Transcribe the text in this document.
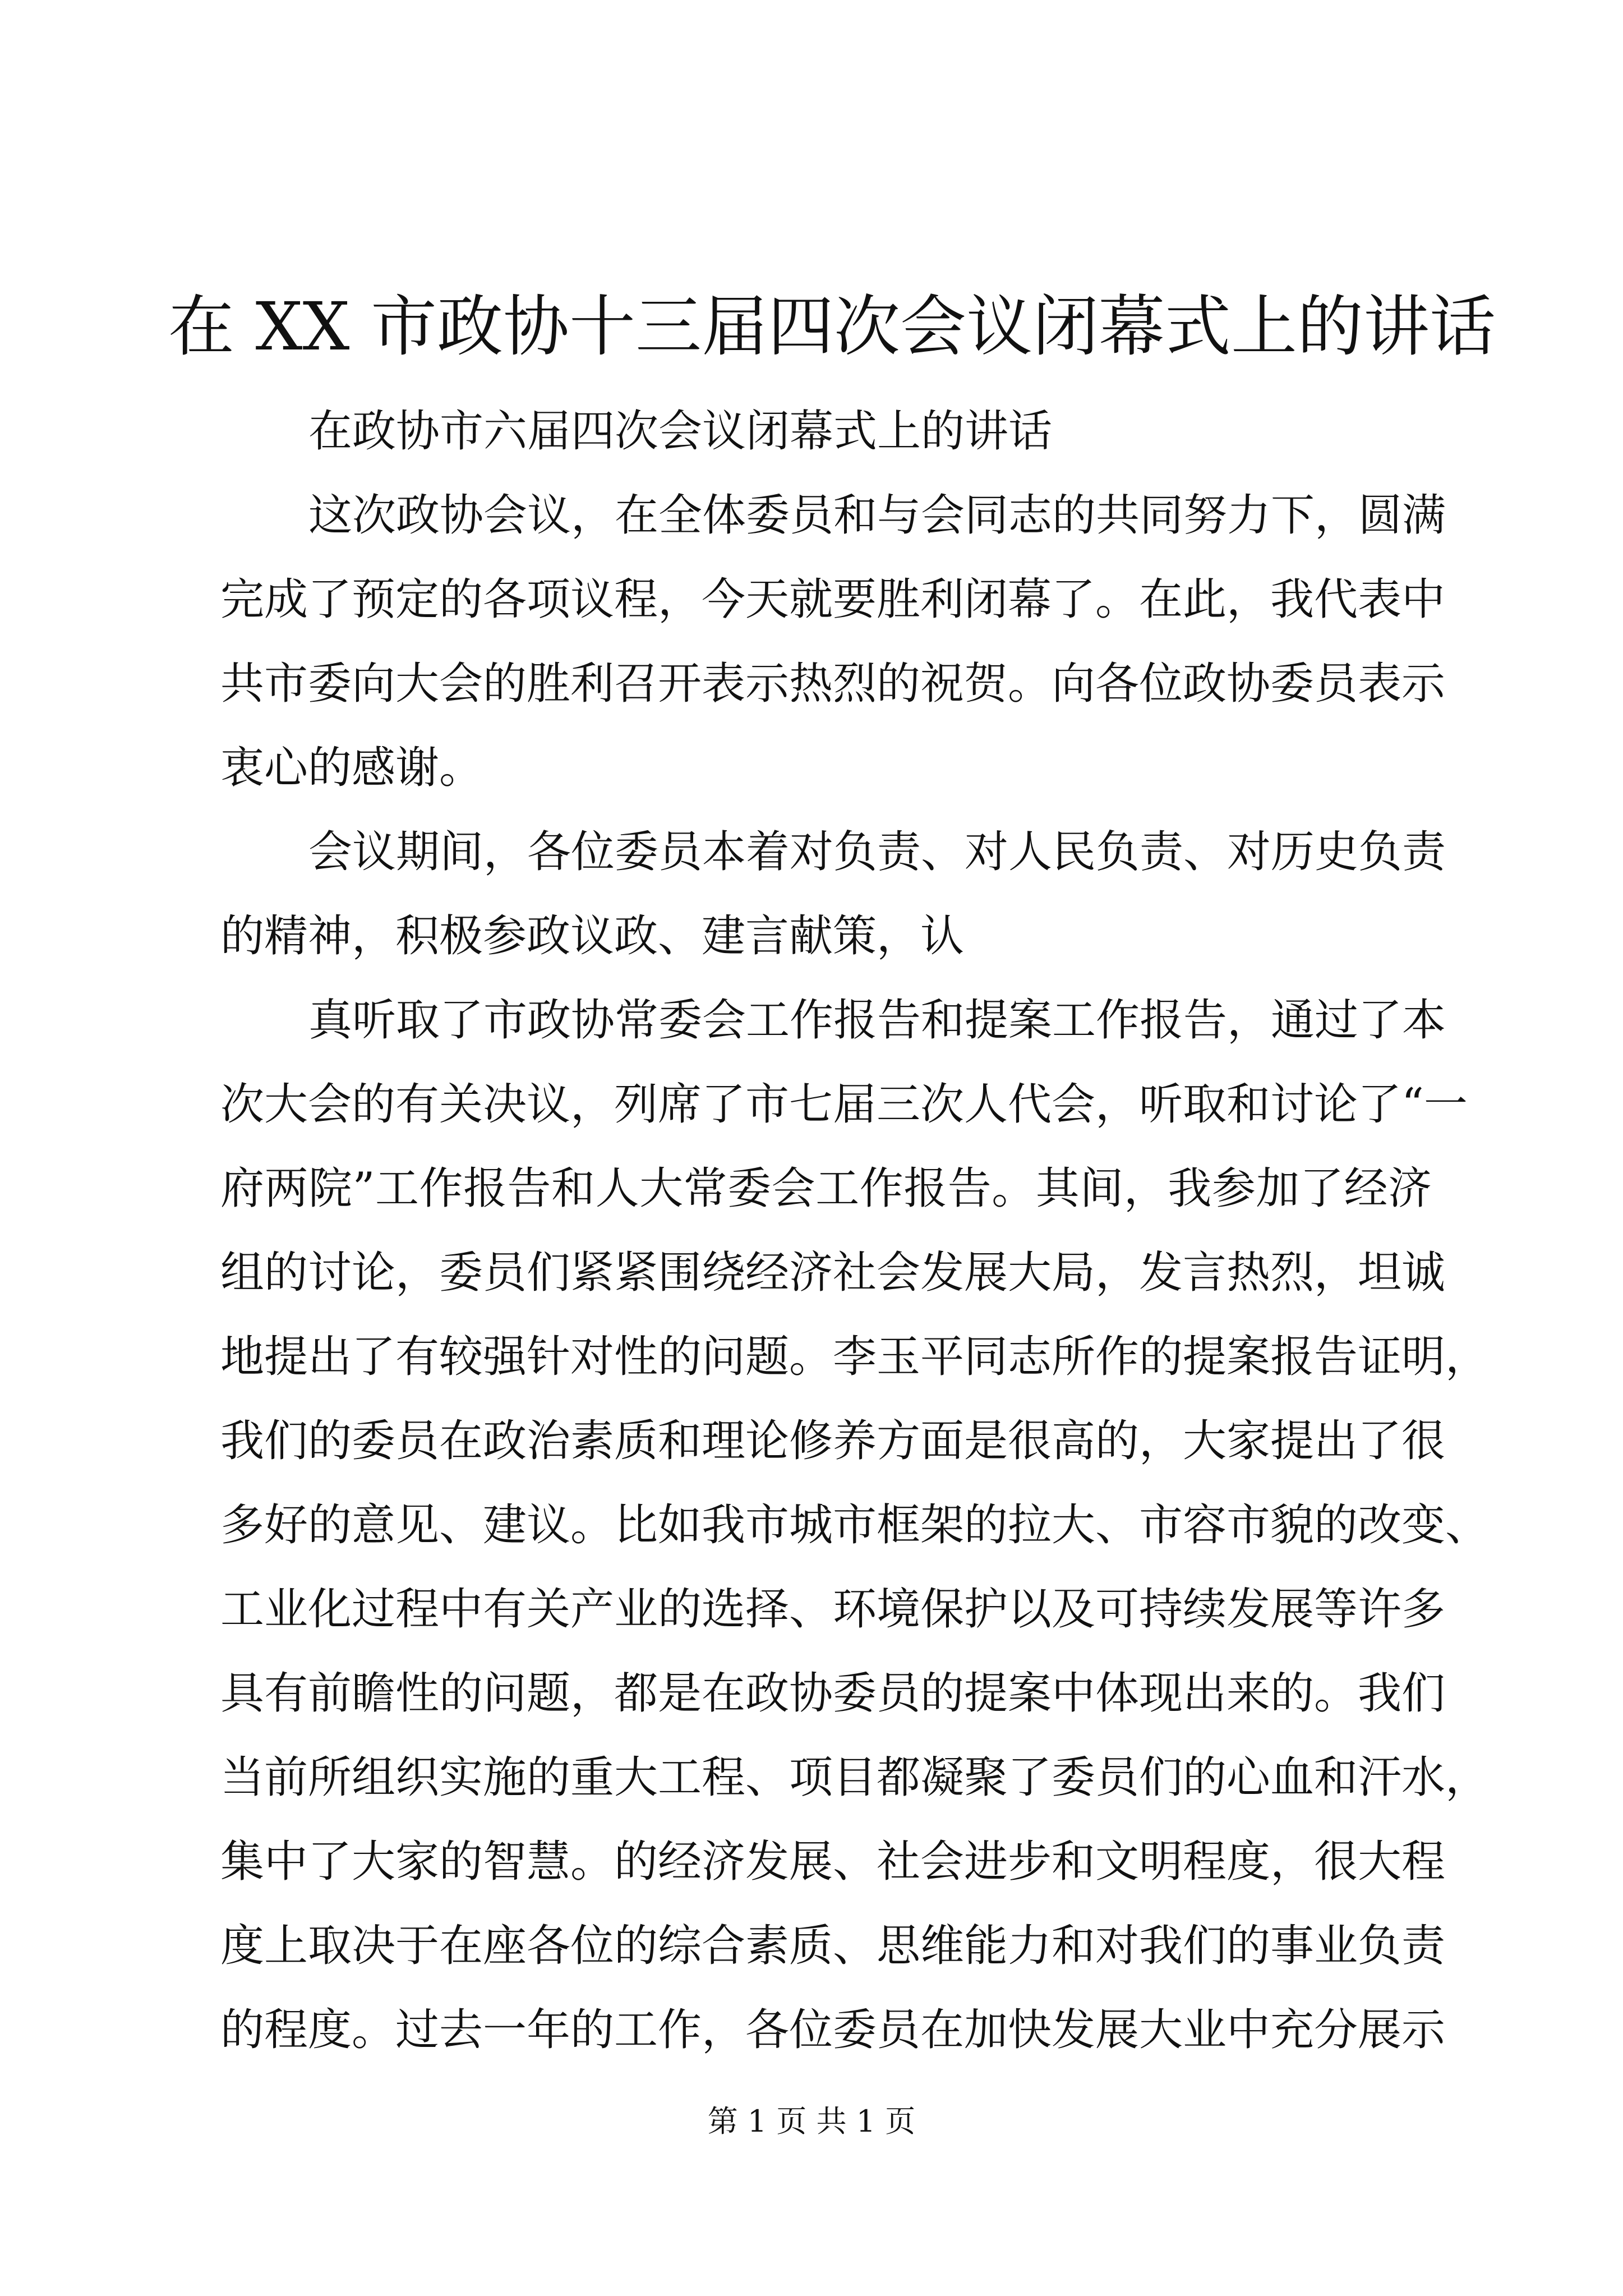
在 XX 市政协十三届四次会议闭幕式上的讲话
在政协市六届四次会议闭幕式上的讲话
这次政协会议，在全体委员和与会同志的共同努力下，圆满
完成了预定的各项议程，今天就要胜利闭幕了。在此，我代表中
共市委向大会的胜利召开表示热烈的祝贺。向各位政协委员表示
衷心的感谢。
会议期间，各位委员本着对负责、对人民负责、对历史负责
的精神，积极参政议政、建言献策，认
真听取了市政协常委会工作报告和提案工作报告，通过了本
次大会的有关决议，列席了市七届三次人代会，听取和讨论了“一
府两院”工作报告和人大常委会工作报告。其间，我参加了经济
组的讨论，委员们紧紧围绕经济社会发展大局，发言热烈，坦诚
地提出了有较强针对性的问题。李玉平同志所作的提案报告证明，
我们的委员在政治素质和理论修养方面是很高的，大家提出了很
多好的意见、建议。比如我市城市框架的拉大、市容市貌的改变、
工业化过程中有关产业的选择、环境保护以及可持续发展等许多
具有前瞻性的问题，都是在政协委员的提案中体现出来的。我们
当前所组织实施的重大工程、项目都凝聚了委员们的心血和汗水，
集中了大家的智慧。的经济发展、社会进步和文明程度，很大程
度上取决于在座各位的综合素质、思维能力和对我们的事业负责
的程度。过去一年的工作，各位委员在加快发展大业中充分展示
第 1 页 共 1 页
